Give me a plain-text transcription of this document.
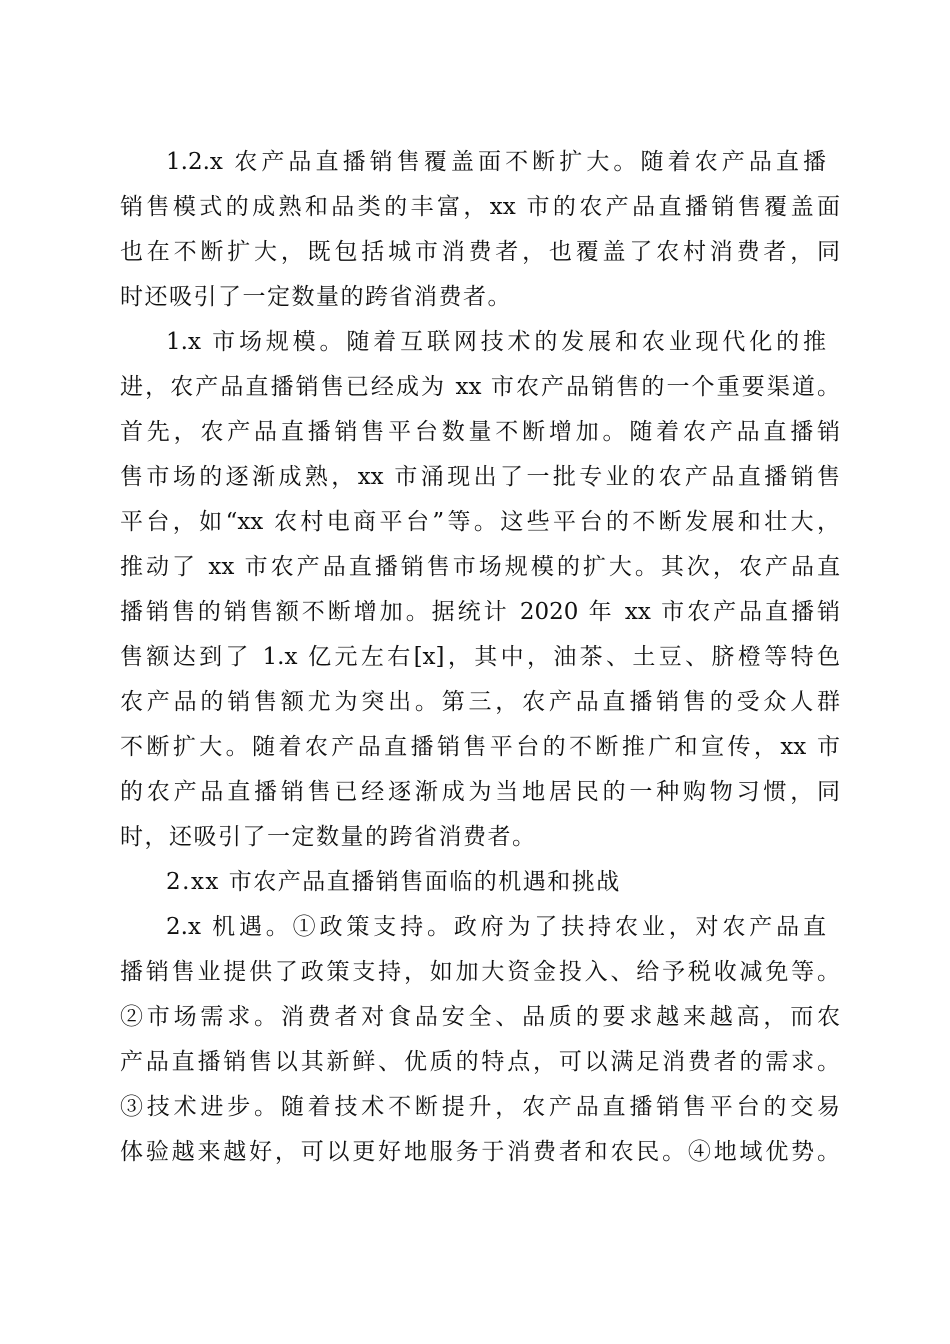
1.2.x 农产品直播销售覆盖面不断扩大。随着农产品直播
销售模式的成熟和品类的丰富，xx 市的农产品直播销售覆盖面
也在不断扩大，既包括城市消费者，也覆盖了农村消费者，同
时还吸引了一定数量的跨省消费者。
1.x 市场规模。随着互联网技术的发展和农业现代化的推
进，农产品直播销售已经成为 xx 市农产品销售的一个重要渠道。
首先，农产品直播销售平台数量不断增加。随着农产品直播销
售市场的逐渐成熟，xx 市涌现出了一批专业的农产品直播销售
平台，如“xx 农村电商平台”等。这些平台的不断发展和壮大，
推动了 xx 市农产品直播销售市场规模的扩大。其次，农产品直
播销售的销售额不断增加。据统计 2020 年 xx 市农产品直播销
售额达到了 1.x 亿元左右[x]，其中，油茶、土豆、脐橙等特色
农产品的销售额尤为突出。第三，农产品直播销售的受众人群
不断扩大。随着农产品直播销售平台的不断推广和宣传，xx 市
的农产品直播销售已经逐渐成为当地居民的一种购物习惯，同
时，还吸引了一定数量的跨省消费者。
2.xx 市农产品直播销售面临的机遇和挑战
2.x 机遇。①政策支持。政府为了扶持农业，对农产品直
播销售业提供了政策支持，如加大资金投入、给予税收减免等。
②市场需求。消费者对食品安全、品质的要求越来越高，而农
产品直播销售以其新鲜、优质的特点，可以满足消费者的需求。
③技术进步。随着技术不断提升，农产品直播销售平台的交易
体验越来越好，可以更好地服务于消费者和农民。④地域优势。
